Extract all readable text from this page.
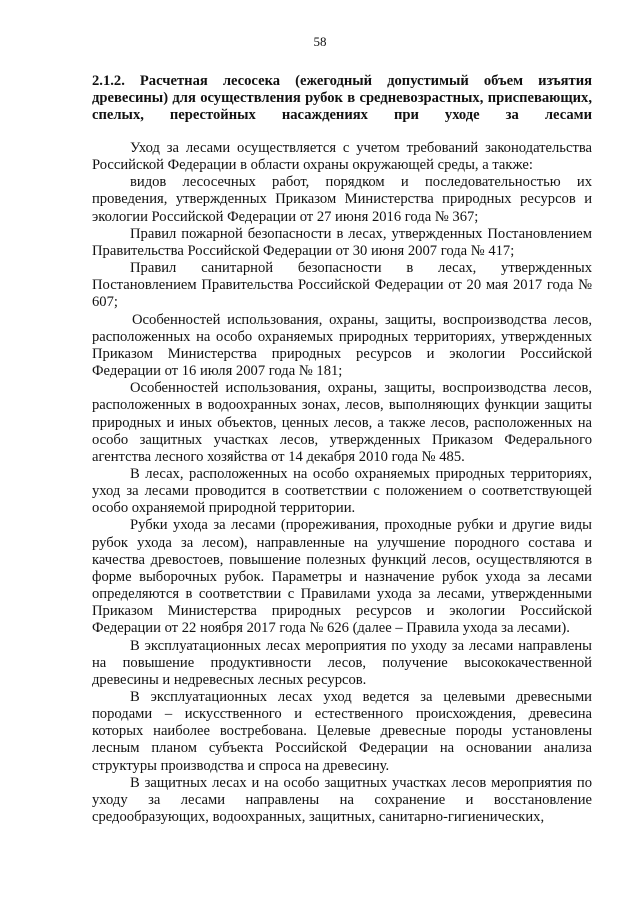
58
2.1.2. Расчетная лесосека (ежегодный допустимый объем изъятия древесины) для осуществления рубок в средневозрастных, приспевающих, спелых, перестойных насаждениях при уходе за лесами

Уход за лесами осуществляется с учетом требований законодательства Российской Федерации в области охраны окружающей среды, а также:

видов лесосечных работ, порядком и последовательностью их проведения, утвержденных Приказом Министерства природных ресурсов и экологии Российской Федерации от 27 июня 2016 года № 367;

Правил пожарной безопасности в лесах, утвержденных Постановлением Правительства Российской Федерации от 30 июня 2007 года № 417;

Правил санитарной безопасности в лесах, утвержденных Постановлением Правительства Российской Федерации от 20 мая 2017 года № 607;

Особенностей использования, охраны, защиты, воспроизводства лесов, расположенных на особо охраняемых природных территориях, утвержденных Приказом Министерства природных ресурсов и экологии Российской Федерации от 16 июля 2007 года № 181;

Особенностей использования, охраны, защиты, воспроизводства лесов, расположенных в водоохранных зонах, лесов, выполняющих функции защиты природных и иных объектов, ценных лесов, а также лесов, расположенных на особо защитных участках лесов, утвержденных Приказом Федерального агентства лесного хозяйства от 14 декабря 2010 года № 485.

В лесах, расположенных на особо охраняемых природных территориях, уход за лесами проводится в соответствии с положением о соответствующей особо охраняемой природной территории.

Рубки ухода за лесами (прореживания, проходные рубки и другие виды рубок ухода за лесом), направленные на улучшение породного состава и качества древостоев, повышение полезных функций лесов, осуществляются в форме выборочных рубок. Параметры и назначение рубок ухода за лесами определяются в соответствии с Правилами ухода за лесами, утвержденными Приказом Министерства природных ресурсов и экологии Российской Федерации от 22 ноября 2017 года № 626 (далее – Правила ухода за лесами).

В эксплуатационных лесах мероприятия по уходу за лесами направлены на повышение продуктивности лесов, получение высококачественной древесины и недревесных лесных ресурсов.

В эксплуатационных лесах уход ведется за целевыми древесными породами – искусственного и естественного происхождения, древесина которых наиболее востребована. Целевые древесные породы установлены лесным планом субъекта Российской Федерации на основании анализа структуры производства и спроса на древесину.

В защитных лесах и на особо защитных участках лесов мероприятия по уходу за лесами направлены на сохранение и восстановление средообразующих, водоохранных, защитных, санитарно-гигиенических,
